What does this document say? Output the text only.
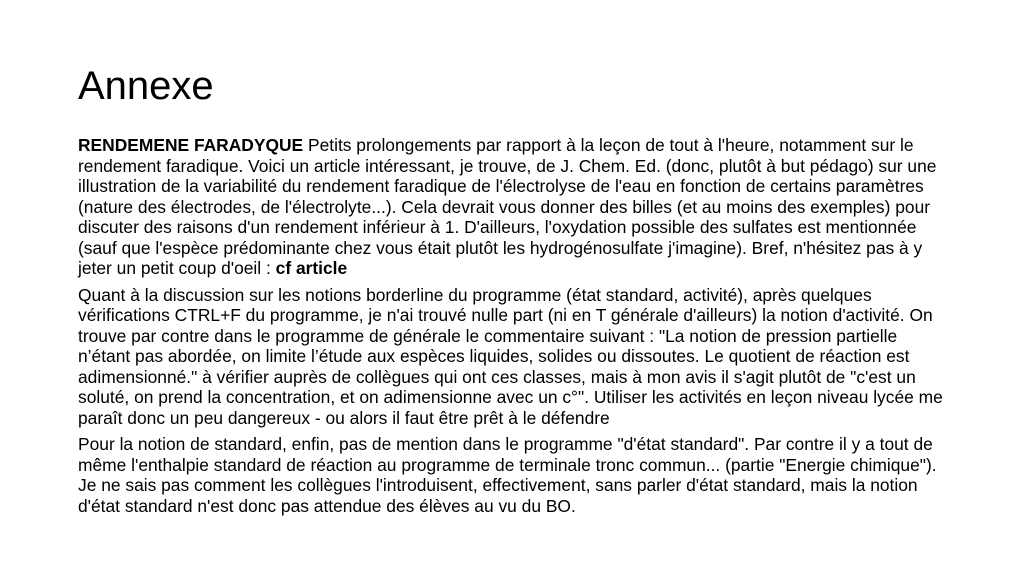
Annexe

RENDEMENE FARADYQUE Petits prolongements par rapport à la leçon de tout à l'heure, notamment sur le rendement faradique. Voici un article intéressant, je trouve, de J. Chem. Ed. (donc, plutôt à but pédago) sur une illustration de la variabilité du rendement faradique de l'électrolyse de l'eau en fonction de certains paramètres (nature des électrodes, de l'électrolyte...). Cela devrait vous donner des billes (et au moins des exemples) pour discuter des raisons d'un rendement inférieur à 1. D'ailleurs, l'oxydation possible des sulfates est mentionnée (sauf que l'espèce prédominante chez vous était plutôt les hydrogénosulfate j'imagine). Bref, n'hésitez pas à y jeter un petit coup d'oeil : cf article

Quant à la discussion sur les notions borderline du programme (état standard, activité), après quelques vérifications CTRL+F du programme, je n'ai trouvé nulle part (ni en T générale d'ailleurs) la notion d'activité. On trouve par contre dans le programme de générale le commentaire suivant : "La notion de pression partielle n’étant pas abordée, on limite l’étude aux espèces liquides, solides ou dissoutes. Le quotient de réaction est adimensionné." à vérifier auprès de collègues qui ont ces classes, mais à mon avis il s'agit plutôt de "c'est un soluté, on prend la concentration, et on adimensionne avec un c°". Utiliser les activités en leçon niveau lycée me paraît donc un peu dangereux - ou alors il faut être prêt à le défendre

Pour la notion de standard, enfin, pas de mention dans le programme "d'état standard". Par contre il y a tout de même l'enthalpie standard de réaction au programme de terminale tronc commun... (partie "Energie chimique"). Je ne sais pas comment les collègues l'introduisent, effectivement, sans parler d'état standard, mais la notion d'état standard n'est donc pas attendue des élèves au vu du BO.
